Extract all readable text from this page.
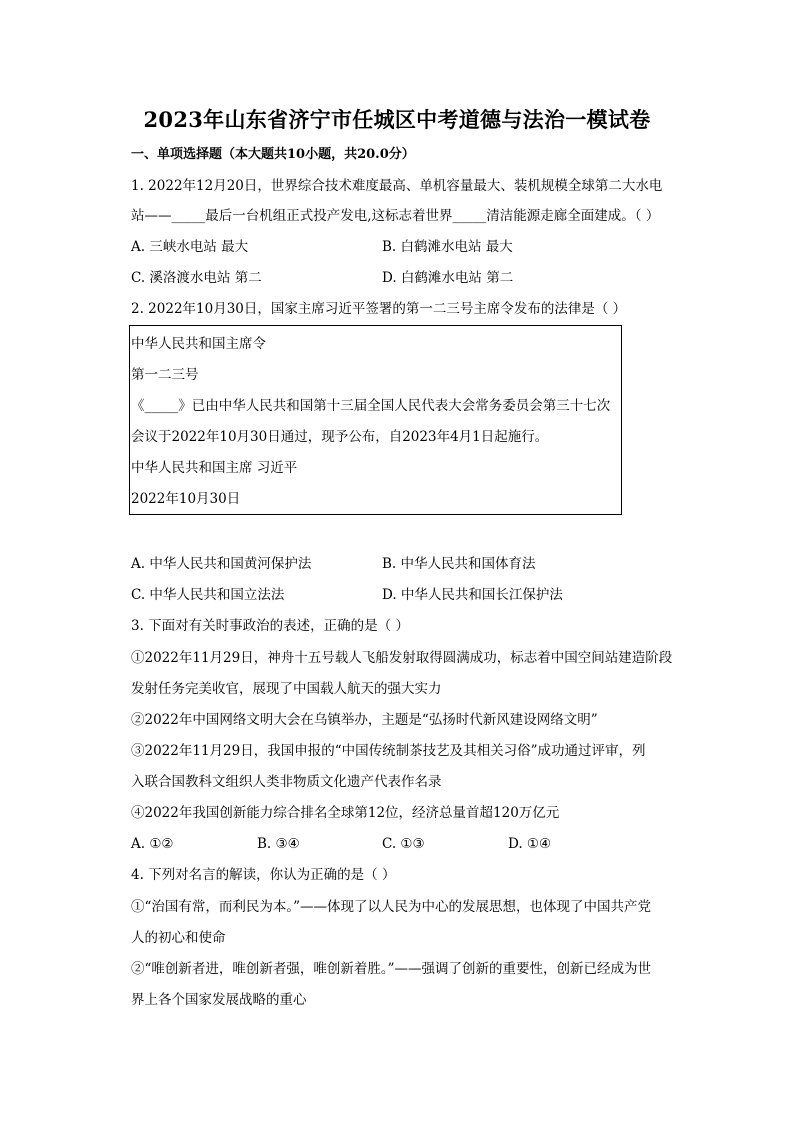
2023年山东省济宁市任城区中考道德与法治一模试卷
一、单项选择题（本大题共10小题，共20.0分）
1. 2022年12月20日，世界综合技术难度最高、单机容量最大、装机规模全球第二大水电
站——_____最后一台机组正式投产发电,这标志着世界_____清洁能源走廊全面建成。（ ）
A. 三峡水电站 最大	B. 白鹤滩水电站 最大
C. 溪洛渡水电站 第二	D. 白鹤滩水电站 第二
2. 2022年10月30日，国家主席习近平签署的第一二三号主席令发布的法律是（ ）
中华人民共和国主席令
第一二三号
《_____》已由中华人民共和国第十三届全国人民代表大会常务委员会第三十七次
会议于2022年10月30日通过，现予公布，自2023年4月1日起施行。
中华人民共和国主席 习近平
2022年10月30日
A. 中华人民共和国黄河保护法	B. 中华人民共和国体育法
C. 中华人民共和国立法法	D. 中华人民共和国长江保护法
3. 下面对有关时事政治的表述，正确的是（ ）
①2022年11月29日，神舟十五号载人飞船发射取得圆满成功，标志着中国空间站建造阶段
发射任务完美收官，展现了中国载人航天的强大实力
②2022年中国网络文明大会在乌镇举办，主题是“弘扬时代新风建设网络文明”
③2022年11月29日，我国申报的“中国传统制茶技艺及其相关习俗”成功通过评审，列
入联合国教科文组织人类非物质文化遗产代表作名录
④2022年我国创新能力综合排名全球第12位，经济总量首超120万亿元
A. ①②	B. ③④	C. ①③	D. ①④
4. 下列对名言的解读，你认为正确的是（ ）
①“治国有常，而利民为本。”——体现了以人民为中心的发展思想，也体现了中国共产党
人的初心和使命
②“唯创新者进，唯创新者强，唯创新着胜。”——强调了创新的重要性，创新已经成为世
界上各个国家发展战略的重心
